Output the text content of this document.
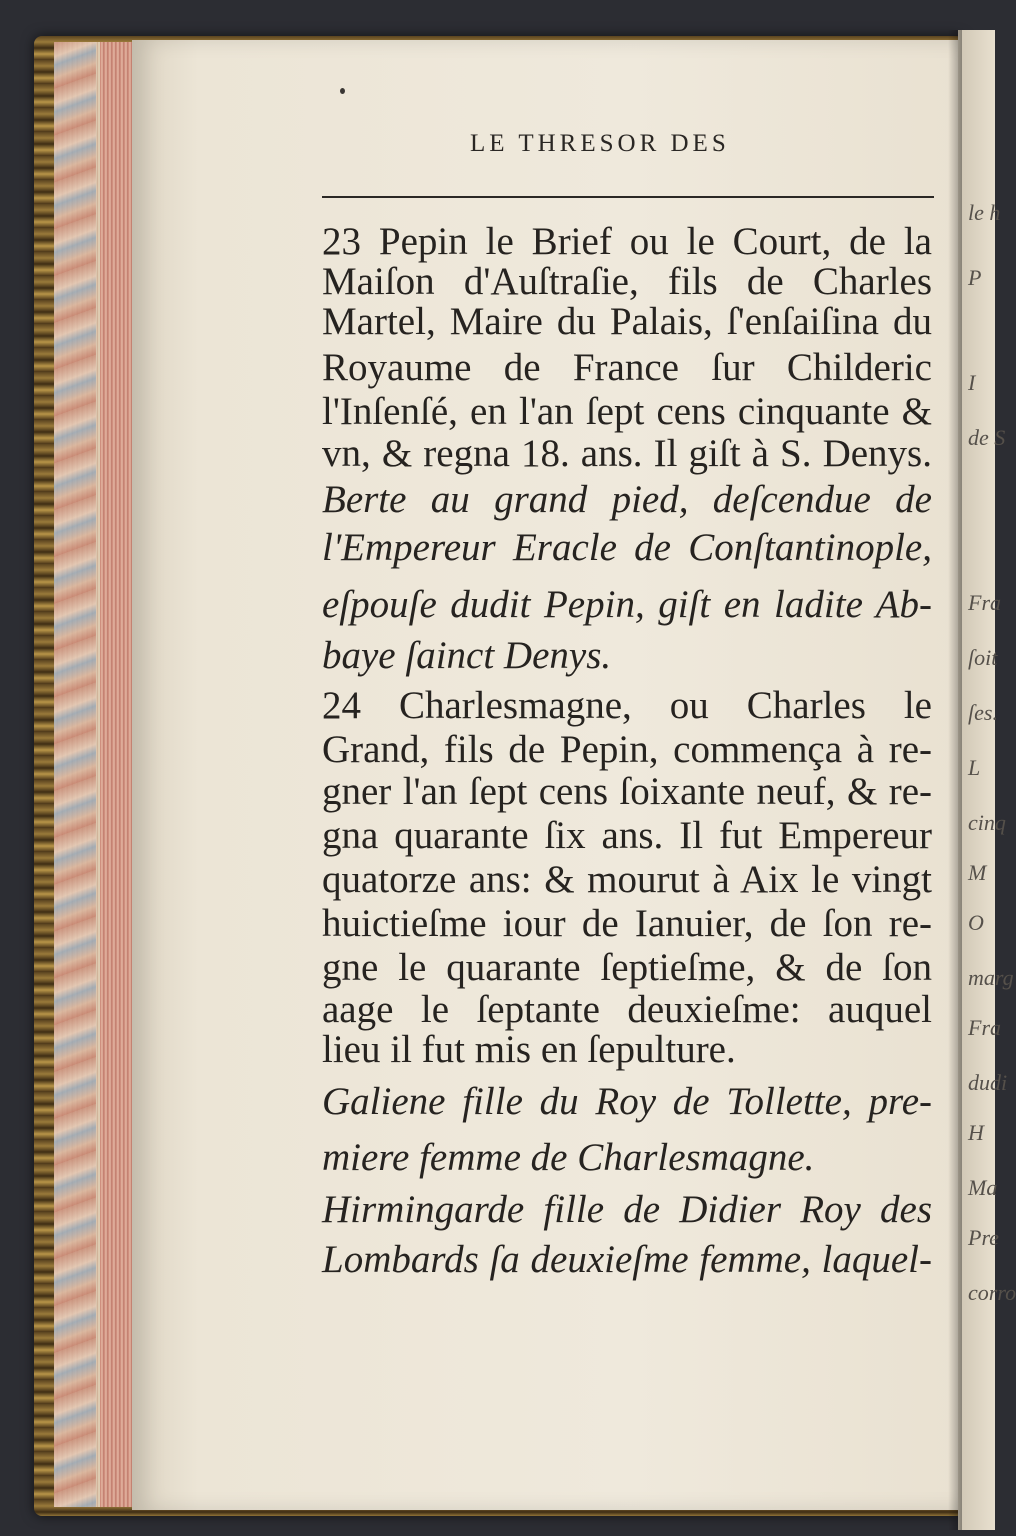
le h
P
I
de S
Fra
ſoit
ſes.
L
cinq
M
O
marg
Fra
dudi
H
Ma
Pre
corro
LE THRESOR DES
23 Pepin le Brief ou le Court, de la
Maiſon d'Auſtraſie, fils de Charles
Martel, Maire du Palais, ſ'enſaiſina du
Royaume de France ſur Childeric
l'Inſenſé, en l'an ſept cens cinquante &
vn, & regna 18. ans. Il giſt à S. Denys.
Berte au grand pied, deſcendue de
l'Empereur Eracle de Conſtantinople,
eſpouſe dudit Pepin, giſt en ladite Ab-
baye ſainct Denys.
24 Charlesmagne, ou Charles le
Grand, fils de Pepin, commença à re-
gner l'an ſept cens ſoixante neuf, & re-
gna quarante ſix ans. Il fut Empereur
quatorze ans: & mourut à Aix le vingt
huictieſme iour de Ianuier, de ſon re-
gne le quarante ſeptieſme, & de ſon
aage le ſeptante deuxieſme: auquel
lieu il fut mis en ſepulture.
Galiene fille du Roy de Tollette, pre-
miere femme de Charlesmagne.
Hirmingarde fille de Didier Roy des
Lombards ſa deuxieſme femme, laquel-
